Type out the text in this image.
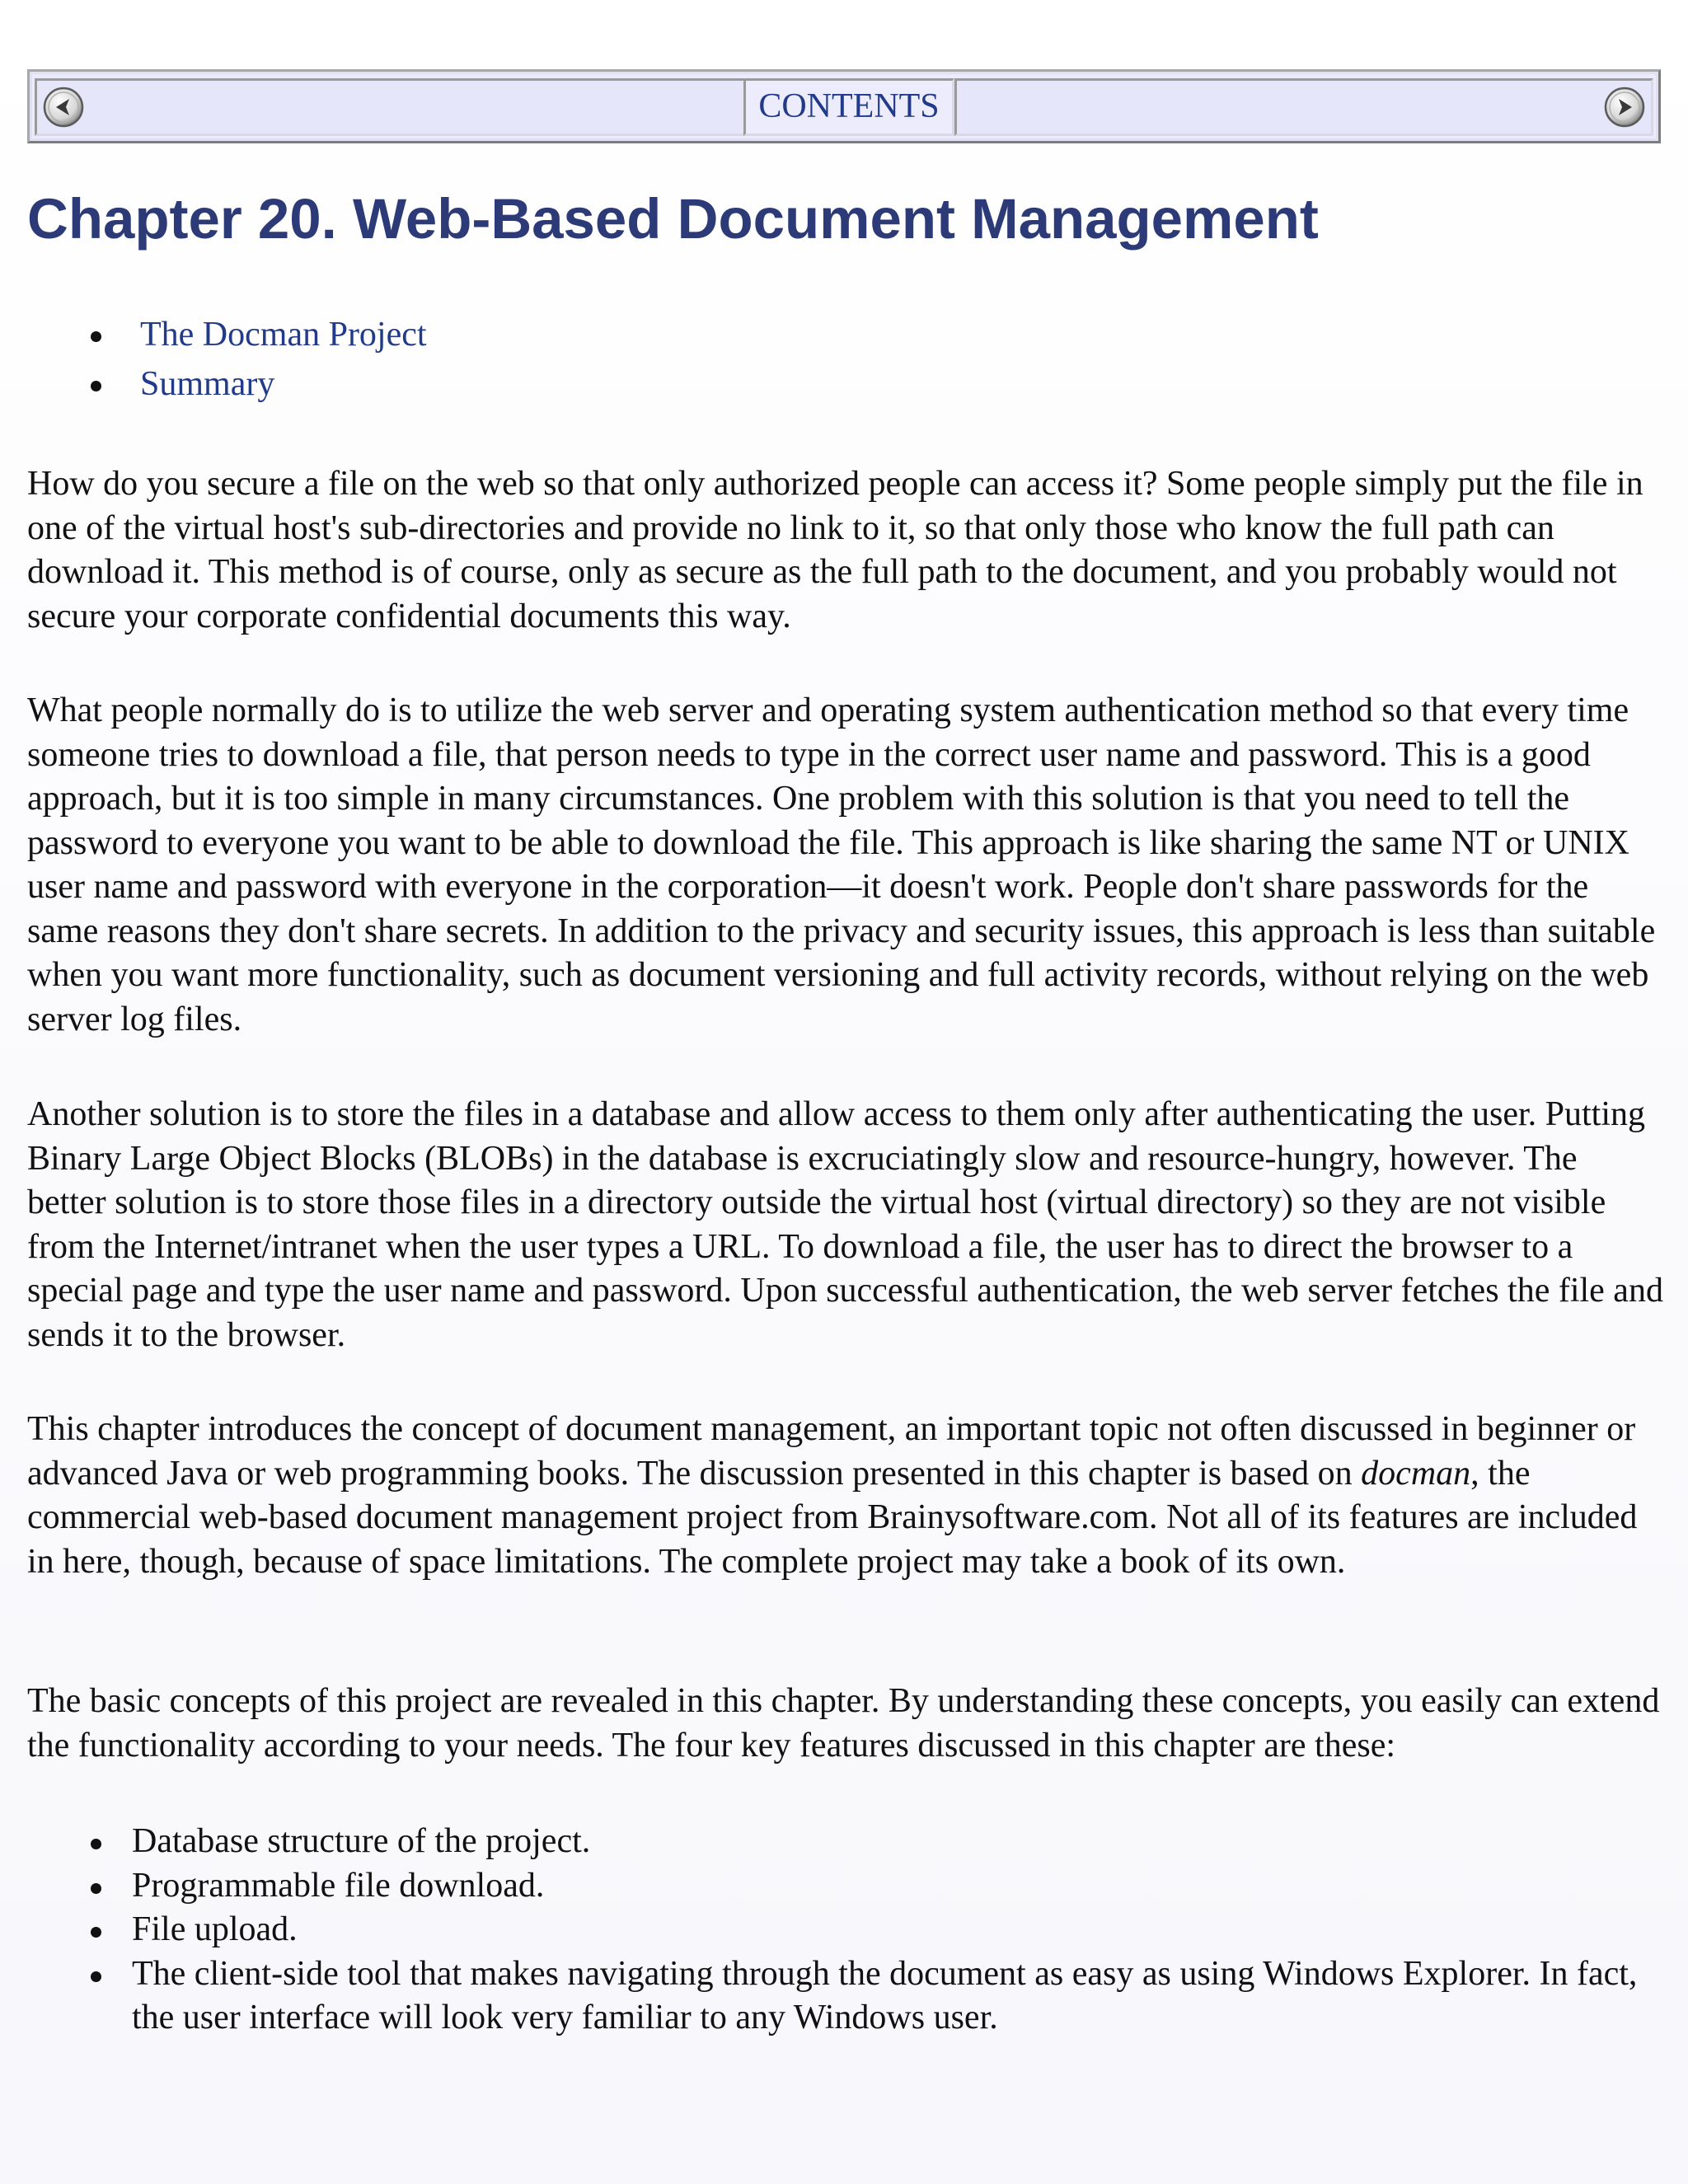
CONTENTS
Chapter 20. Web-Based Document Management
The Docman Project
Summary

How do you secure a file on the web so that only authorized people can access it? Some people simply put the file in one of the virtual host's sub-directories and provide no link to it, so that only those who know the full path can download it. This method is of course, only as secure as the full path to the document, and you probably would not secure your corporate confidential documents this way.

What people normally do is to utilize the web server and operating system authentication method so that every time someone tries to download a file, that person needs to type in the correct user name and password. This is a good approach, but it is too simple in many circumstances. One problem with this solution is that you need to tell the password to everyone you want to be able to download the file. This approach is like sharing the same NT or UNIX user name and password with everyone in the corporation—it doesn't work. People don't share passwords for the same reasons they don't share secrets. In addition to the privacy and security issues, this approach is less than suitable when you want more functionality, such as document versioning and full activity records, without relying on the web server log files.

Another solution is to store the files in a database and allow access to them only after authenticating the user. Putting Binary Large Object Blocks (BLOBs) in the database is excruciatingly slow and resource-hungry, however. The better solution is to store those files in a directory outside the virtual host (virtual directory) so they are not visible from the Internet/intranet when the user types a URL. To download a file, the user has to direct the browser to a special page and type the user name and password. Upon successful authentication, the web server fetches the file and sends it to the browser.

This chapter introduces the concept of document management, an important topic not often discussed in beginner or advanced Java or web programming books. The discussion presented in this chapter is based on docman, the commercial web-based document management project from Brainysoftware.com. Not all of its features are included in here, though, because of space limitations. The complete project may take a book of its own.

The basic concepts of this project are revealed in this chapter. By understanding these concepts, you easily can extend the functionality according to your needs. The four key features discussed in this chapter are these:

Database structure of the project.
Programmable file download.
File upload.
The client-side tool that makes navigating through the document as easy as using Windows Explorer. In fact, the user interface will look very familiar to any Windows user.
